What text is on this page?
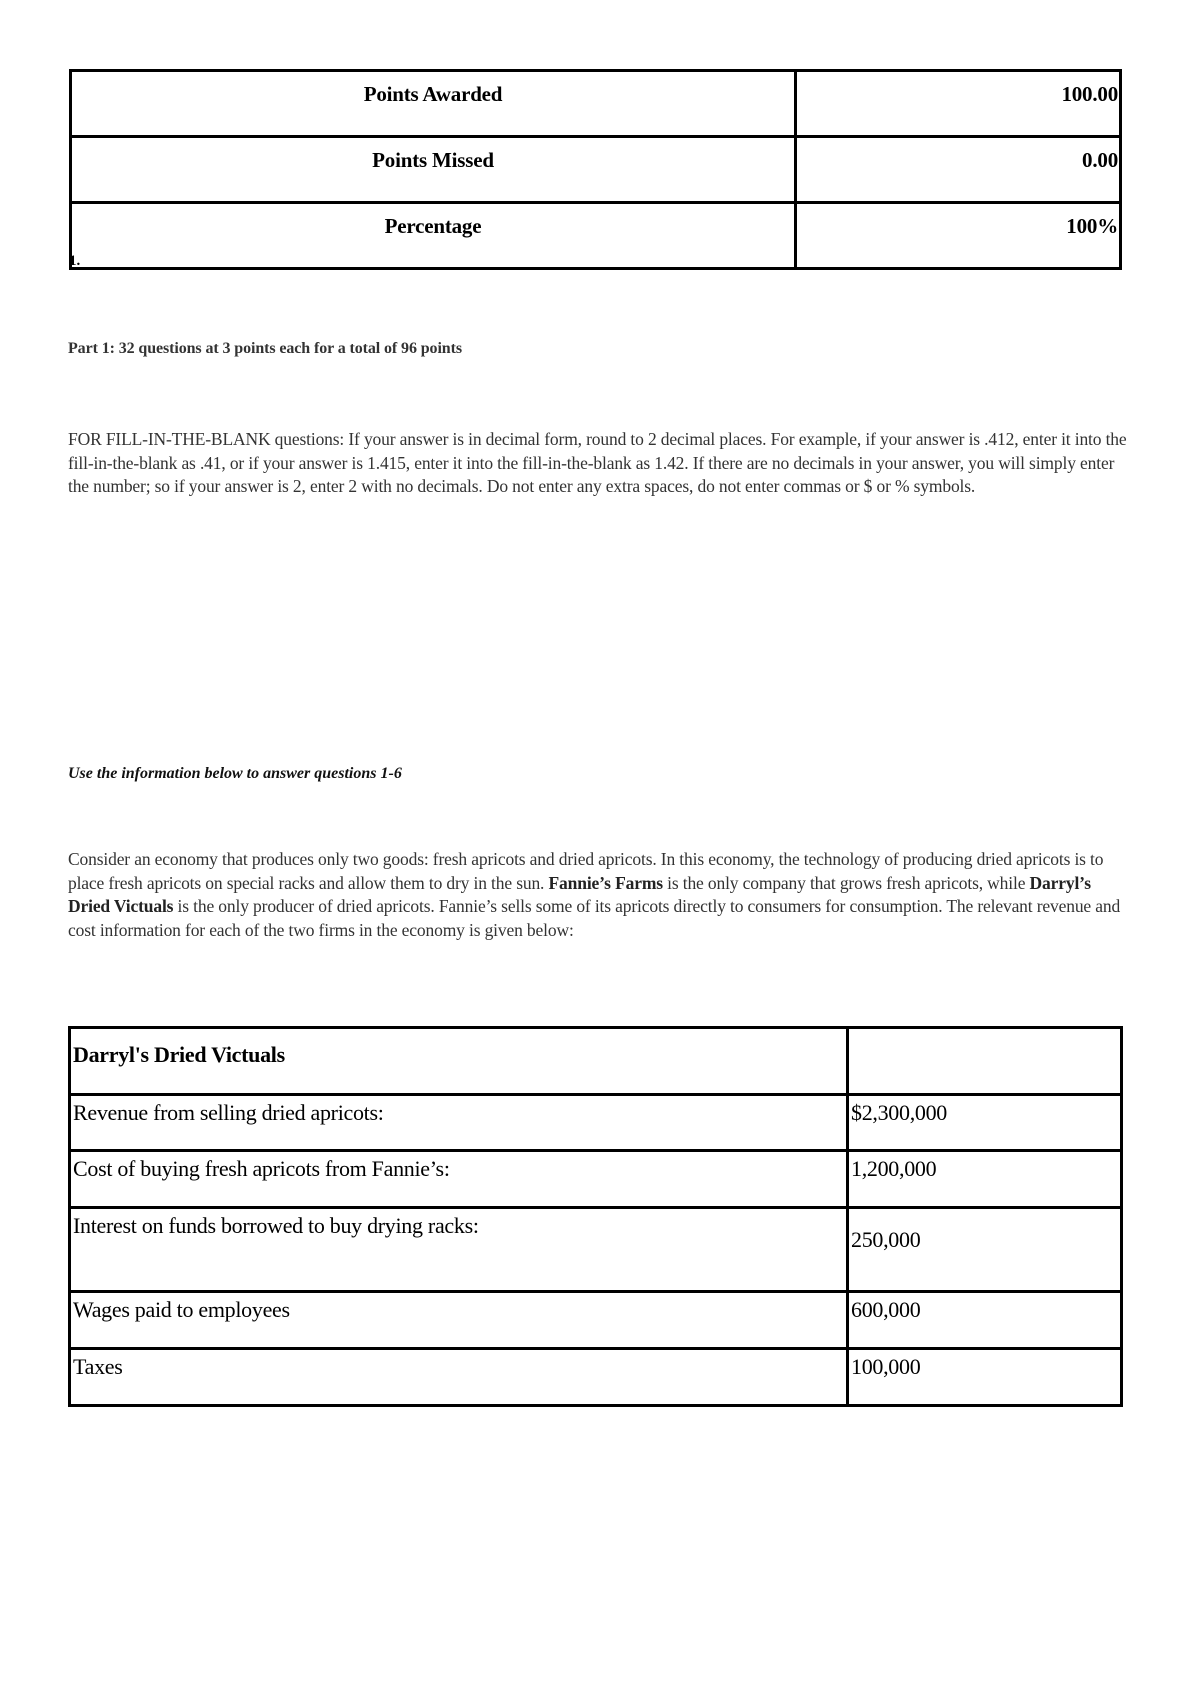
Points Awarded	100.00
Points Missed	0.00
Percentage	100%
1.
Part 1: 32 questions at 3 points each for a total of 96 points
FOR FILL-IN-THE-BLANK questions: If your answer is in decimal form, round to 2 decimal places. For example, if your answer is .412, enter it into the fill-in-the-blank as .41, or if your answer is 1.415, enter it into the fill-in-the-blank as 1.42. If there are no decimals in your answer, you will simply enter the number; so if your answer is 2, enter 2 with no decimals. Do not enter any extra spaces, do not enter commas or $ or % symbols.
Use the information below to answer questions 1-6
Consider an economy that produces only two goods: fresh apricots and dried apricots. In this economy, the technology of producing dried apricots is to place fresh apricots on special racks and allow them to dry in the sun. Fannie’s Farms is the only company that grows fresh apricots, while Darryl’s Dried Victuals is the only producer of dried apricots. Fannie’s sells some of its apricots directly to consumers for consumption. The relevant revenue and cost information for each of the two firms in the economy is given below:
Darryl's Dried Victuals	
Revenue from selling dried apricots:	$2,300,000
Cost of buying fresh apricots from Fannie’s:	1,200,000
Interest on funds borrowed to buy drying racks:	250,000
Wages paid to employees	600,000
Taxes	100,000
